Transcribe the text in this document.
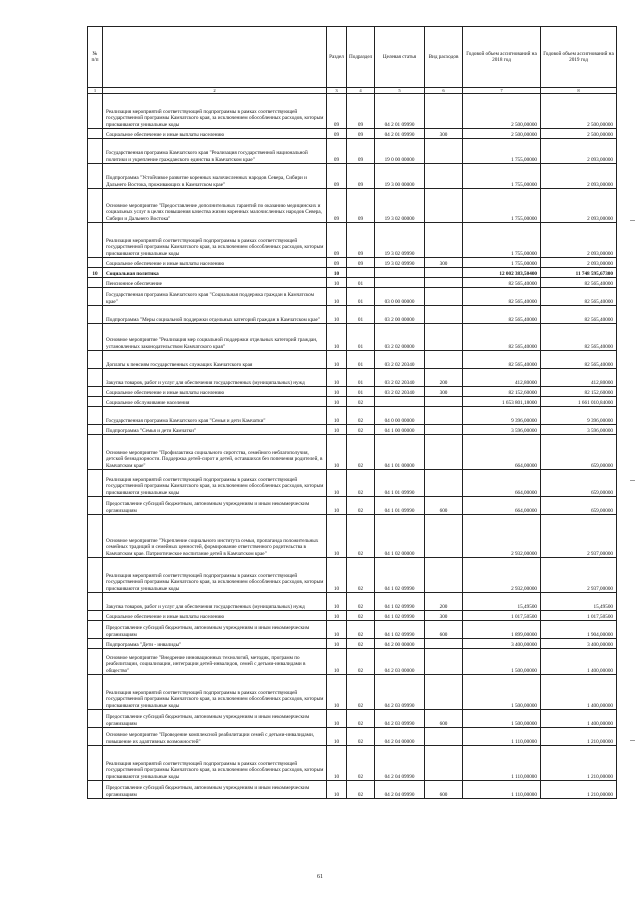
№ п/п		Раздел	Подраздел	Целевая статья	Вид расходов	Годовой объем ассигнований на 2018 год	Годовой объем ассигнований на 2019 год
1	2	3	4	5	6	7	8
	Реализация мероприятий соответствующей подпрограммы в рамках соответствующей государственной программы Камчатского края, за исключением обособленных расходов, которым присваиваются уникальные коды	09	09	04 2 01 09990		2 500,00000	2 500,00000
	Социальное обеспечение и иные выплаты населению	09	09	04 2 01 09990	300	2 500,00000	2 500,00000
	Государственная программа Камчатского края "Реализация государственной национальной политики и укрепление гражданского единства в Камчатском крае"	09	09	19 0 00 00000		1 755,00000	2 093,00000
	Подпрограмма "Устойчивое развитие коренных малочисленных народов Севера, Сибири и Дальнего Востока, проживающих в Камчатском крае"	09	09	19 3 00 00000		1 755,00000	2 093,00000
	Основное мероприятие "Предоставление дополнительных гарантий по оказанию медицинских и социальных услуг в целях повышения качества жизни коренных малочисленных народов Севера, Сибири и Дальнего Востока"	09	09	19 3 02 00000		1 755,00000	2 093,00000
	Реализация мероприятий соответствующей подпрограммы в рамках соответствующей государственной программы Камчатского края, за исключением обособленных расходов, которым присваиваются уникальные коды	09	09	19 3 02 09990		1 755,00000	2 093,00000
	Социальное обеспечение и иные выплаты населению	09	09	19 3 02 09990	300	1 755,00000	2 093,00000
10	Социальная политика	10				12 002 383,50400	11 748 595,67300
	Пенсионное обеспечение	10	01			82 565,40000	82 565,40000
	Государственная программа Камчатского края "Социальная поддержка граждан в Камчатском крае"	10	01	03 0 00 00000		82 565,40000	82 565,40000
	Подпрограмма "Меры социальной поддержки отдельных категорий граждан в Камчатском крае"	10	01	03 2 00 00000		82 565,40000	82 565,40000
	Основное мероприятие "Реализация мер социальной поддержки отдельных категорий граждан, установленных законодательством Камчатского края"	10	01	03 2 02 00000		82 565,40000	82 565,40000
	Доплаты к пенсиям государственных служащих Камчатского края	10	01	03 2 02 20340		82 565,40000	82 565,40000
	Закупка товаров, работ и услуг для обеспечения государственных (муниципальных) нужд	10	01	03 2 02 20340	200	412,80000	412,80000
	Социальное обеспечение и иные выплаты населению	10	01	03 2 02 20340	300	82 152,60000	82 152,60000
	Социальное обслуживание населения	10	02			1 653 801,18000	1 661 010,84000
	Государственная программа Камчатского края "Семья и дети Камчатки"	10	02	04 0 00 00000		9 396,00000	9 396,00000
	Подпрограмма "Семья и дети Камчатки"	10	02	04 1 00 00000		3 596,00000	3 596,00000
	Основное мероприятие "Профилактика социального сиротства, семейного неблагополучия, детской безнадзорности. Поддержка детей-сирот и детей, оставшихся без попечения родителей, в Камчатском крае"	10	02	04 1 01 00000		664,00000	659,00000
	Реализация мероприятий соответствующей подпрограммы в рамках соответствующей государственной программы Камчатского края, за исключением обособленных расходов, которым присваиваются уникальные коды	10	02	04 1 01 09990		664,00000	659,00000
	Предоставление субсидий бюджетным, автономным учреждениям и иным некоммерческим организациям	10	02	04 1 01 09990	600	664,00000	659,00000
	Основное мероприятие "Укрепление социального института семьи, пропаганда положительных семейных традиций и семейных ценностей, формирование ответственного родительства в Камчатском крае. Патриотическое воспитание детей в Камчатском крае"	10	02	04 1 02 00000		2 932,00000	2 937,00000
	Реализация мероприятий соответствующей подпрограммы в рамках соответствующей государственной программы Камчатского края, за исключением обособленных расходов, которым присваиваются уникальные коды	10	02	04 1 02 09990		2 932,00000	2 937,00000
	Закупка товаров, работ и услуг для обеспечения государственных (муниципальных) нужд	10	02	04 1 02 09990	200	15,49500	15,49500
	Социальное обеспечение и иные выплаты населению	10	02	04 1 02 09990	300	1 017,50500	1 017,50500
	Предоставление субсидий бюджетным, автономным учреждениям и иным некоммерческим организациям	10	02	04 1 02 09990	600	1 899,00000	1 904,00000
	Подпрограмма "Дети - инвалиды"	10	02	04 2 00 00000		3 400,00000	3 400,00000
	Основное мероприятие "Внедрение инновационных технологий, методик, программ по реабилитации, социализации, интеграции детей-инвалидов, семей с детьми-инвалидами в общество"	10	02	04 2 03 00000		1 500,00000	1 400,00000
	Реализация мероприятий соответствующей подпрограммы в рамках соответствующей государственной программы Камчатского края, за исключением обособленных расходов, которым присваиваются уникальные коды	10	02	04 2 03 09990		1 500,00000	1 400,00000
	Предоставление субсидий бюджетным, автономным учреждениям и иным некоммерческим организациям	10	02	04 2 03 09990	600	1 500,00000	1 400,00000
	Основное мероприятие "Проведение комплексной реабилитации семей с детьми-инвалидами, повышение их адаптивных возможностей"	10	02	04 2 04 00000		1 110,00000	1 210,00000
	Реализация мероприятий соответствующей подпрограммы в рамках соответствующей государственной программы Камчатского края, за исключением обособленных расходов, которым присваиваются уникальные коды	10	02	04 2 04 09990		1 110,00000	1 210,00000
	Предоставление субсидий бюджетным, автономным учреждениям и иным некоммерческим организациям	10	02	04 2 04 09990	600	1 110,00000	1 210,00000
61
